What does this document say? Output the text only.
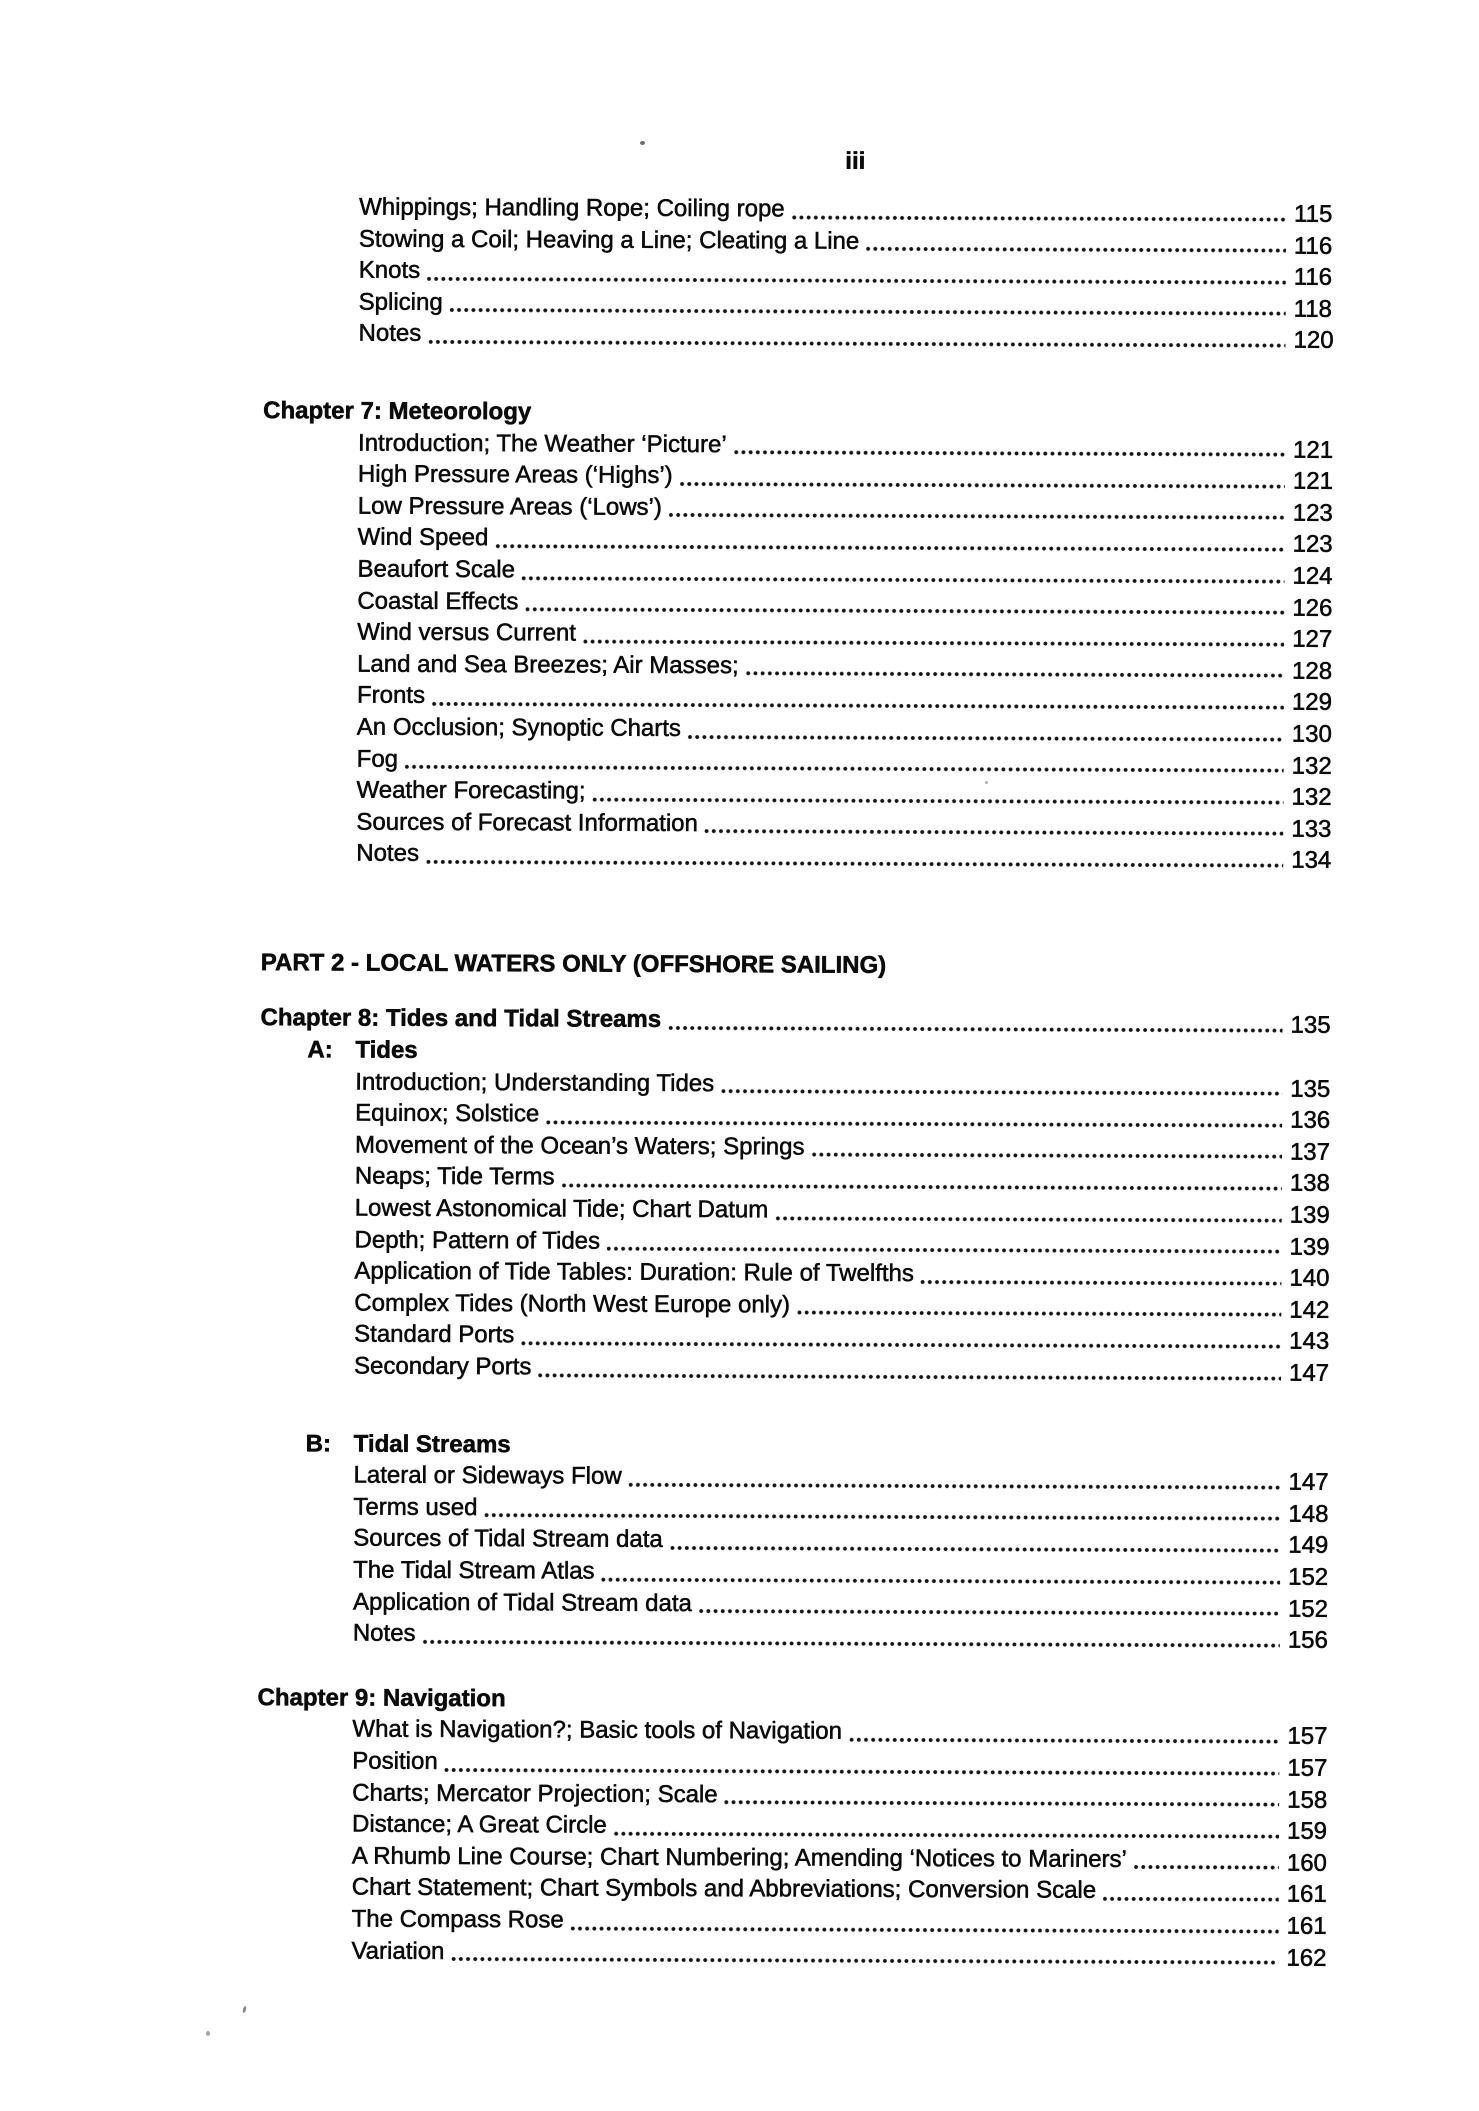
iii
Whippings; Handling Rope; Coiling rope	115
Stowing a Coil; Heaving a Line; Cleating a Line	116
Knots	116
Splicing	118
Notes	120
Chapter 7: Meteorology
Introduction; The Weather ‘Picture’	121
High Pressure Areas (‘Highs’)	121
Low Pressure Areas (‘Lows’)	123
Wind Speed	123
Beaufort Scale	124
Coastal Effects	126
Wind versus Current	127
Land and Sea Breezes; Air Masses;	128
Fronts	129
An Occlusion; Synoptic Charts	130
Fog	132
Weather Forecasting;	132
Sources of Forecast Information	133
Notes	134
PART 2 - LOCAL WATERS ONLY (OFFSHORE SAILING)
Chapter 8: Tides and Tidal Streams	135
A: Tides
Introduction; Understanding Tides	135
Equinox; Solstice	136
Movement of the Ocean’s Waters; Springs	137
Neaps; Tide Terms	138
Lowest Astonomical Tide; Chart Datum	139
Depth; Pattern of Tides	139
Application of Tide Tables: Duration: Rule of Twelfths	140
Complex Tides (North West Europe only)	142
Standard Ports	143
Secondary Ports	147
B: Tidal Streams
Lateral or Sideways Flow	147
Terms used	148
Sources of Tidal Stream data	149
The Tidal Stream Atlas	152
Application of Tidal Stream data	152
Notes	156
Chapter 9: Navigation
What is Navigation?; Basic tools of Navigation	157
Position	157
Charts; Mercator Projection; Scale	158
Distance; A Great Circle	159
A Rhumb Line Course; Chart Numbering; Amending ‘Notices to Mariners’	160
Chart Statement; Chart Symbols and Abbreviations; Conversion Scale	161
The Compass Rose	161
Variation	162
